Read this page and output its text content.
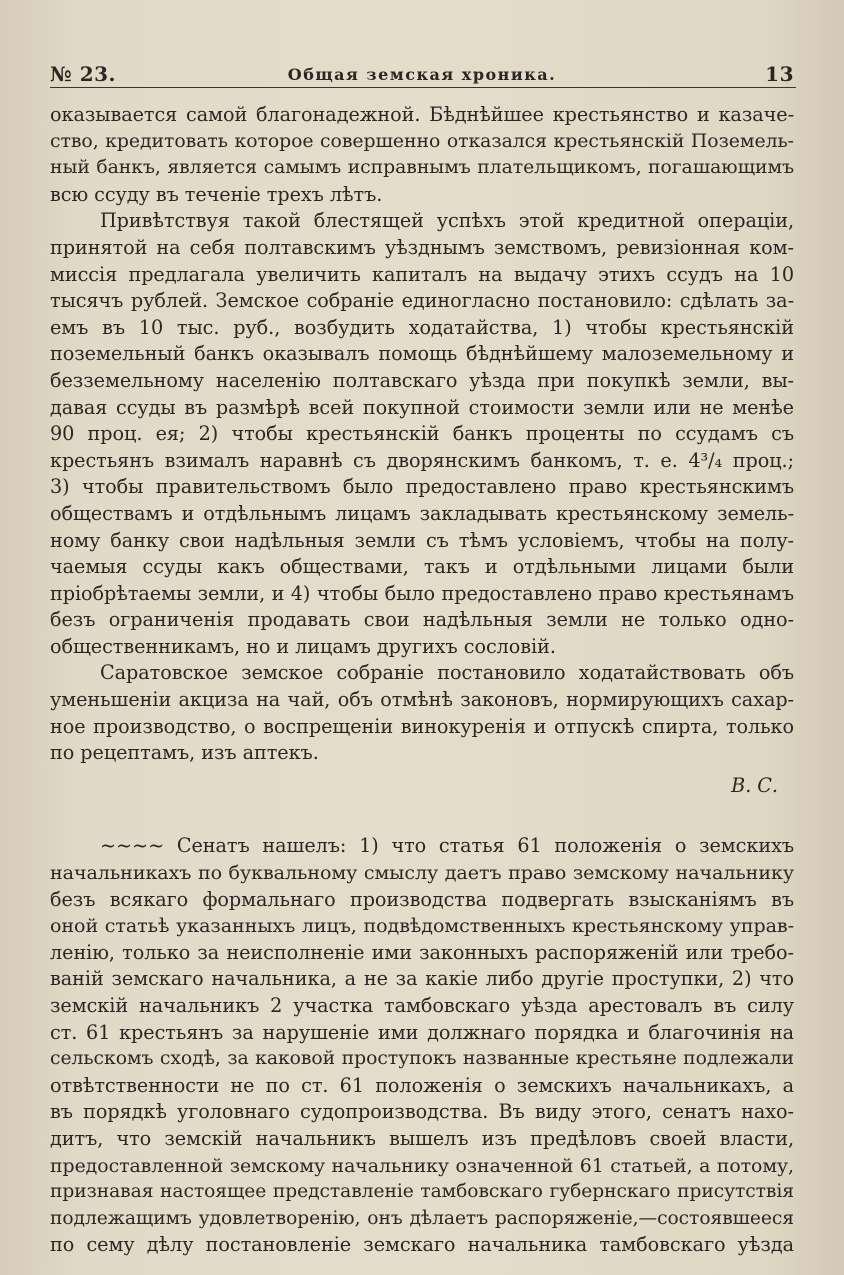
№ 23.	Общая земская хроника.	13
оказывается самой благонадежной. Бѣднѣйшее крестьянство и казаче-
ство, кредитовать которое совершенно отказался крестьянскій Поземель-
ный банкъ, является самымъ исправнымъ плательщикомъ, погашающимъ
всю ссуду въ теченіе трехъ лѣтъ.
Привѣтствуя такой блестящей успѣхъ этой кредитной операціи,
принятой на себя полтавскимъ уѣзднымъ земствомъ, ревизіонная ком-
миссія предлагала увеличить капиталъ на выдачу этихъ ссудъ на 10
тысячъ рублей. Земское собраніе единогласно постановило: сдѣлать за-
емъ въ 10 тыс. руб., возбудить ходатайства, 1) чтобы крестьянскій
поземельный банкъ оказывалъ помощь бѣднѣйшему малоземельному и
безземельному населенію полтавскаго уѣзда при покупкѣ земли, вы-
давая ссуды въ размѣрѣ всей покупной стоимости земли или не менѣе
90 проц. ея; 2) чтобы крестьянскій банкъ проценты по ссудамъ съ
крестьянъ взималъ наравнѣ съ дворянскимъ банкомъ, т. е. 4³/₄ проц.;
3) чтобы правительствомъ было предоставлено право крестьянскимъ
обществамъ и отдѣльнымъ лицамъ закладывать крестьянскому земель-
ному банку свои надѣльныя земли съ тѣмъ условіемъ, чтобы на полу-
чаемыя ссуды какъ обществами, такъ и отдѣльными лицами были
пріобрѣтаемы земли, и 4) чтобы было предоставлено право крестьянамъ
безъ ограниченія продавать свои надѣльныя земли не только одно-
общественникамъ, но и лицамъ другихъ сословій.
Саратовское земское собраніе постановило ходатайствовать объ
уменьшеніи акциза на чай, объ отмѣнѣ законовъ, нормирующихъ сахар-
ное производство, о воспрещеніи винокуренія и отпускѣ спирта, только
по рецептамъ, изъ аптекъ.
В. С.
~~~~ Сенатъ нашелъ: 1) что статья 61 положенія о земскихъ
начальникахъ по буквальному смыслу даетъ право земскому начальнику
безъ всякаго формальнаго производства подвергать взысканіямъ въ
оной статьѣ указанныхъ лицъ, подвѣдомственныхъ крестьянскому управ-
ленію, только за неисполненіе ими законныхъ распоряженій или требо-
ваній земскаго начальника, а не за какіе либо другіе проступки, 2) что
земскій начальникъ 2 участка тамбовскаго уѣзда арестовалъ въ силу
ст. 61 крестьянъ за нарушеніе ими должнаго порядка и благочинія на
сельскомъ сходѣ, за каковой проступокъ названные крестьяне подлежали
отвѣтственности не по ст. 61 положенія о земскихъ начальникахъ, а
въ порядкѣ уголовнаго судопроизводства. Въ виду этого, сенатъ нахо-
дитъ, что земскій начальникъ вышелъ изъ предѣловъ своей власти,
предоставленной земскому начальнику означенной 61 статьей, а потому,
признавая настоящее представленіе тамбовскаго губернскаго присутствія
подлежащимъ удовлетворенію, онъ дѣлаетъ распоряженіе,—состоявшееся
по сему дѣлу постановленіе земскаго начальника тамбовскаго уѣзда
